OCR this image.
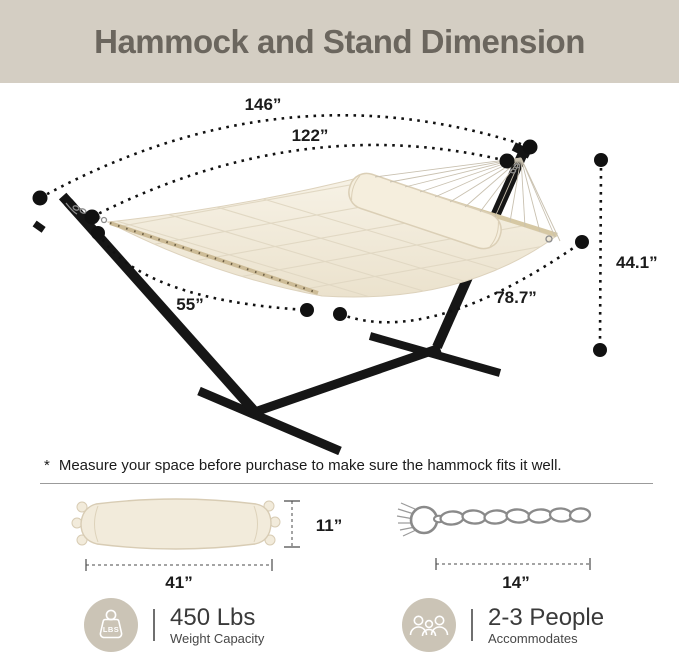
Hammock and Stand Dimension
146”
122”
55”	78.7”
44.1”
* Measure your space before purchase to make sure the hammock fits it well.
11”
41”	14”
LBS 450 Lbs
Weight Capacity
2-3 People
Accommodates
